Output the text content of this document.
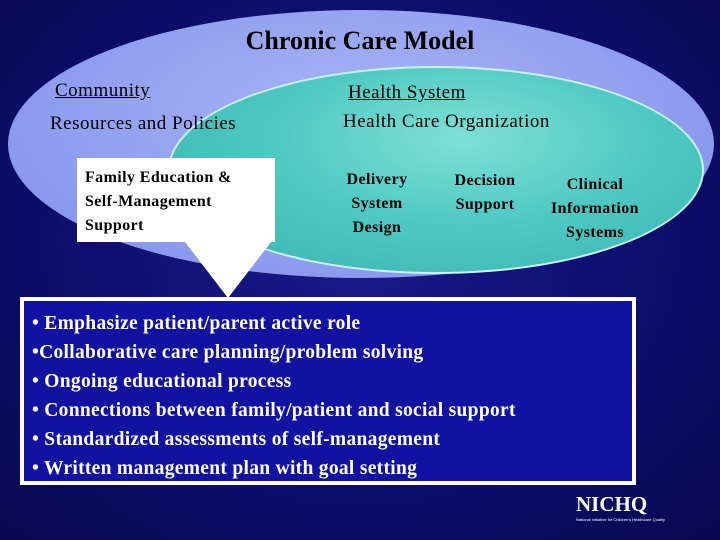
Chronic Care Model
Community
Resources and Policies
Health System
Health Care Organization
Family Education &
Self-Management
Support
Delivery
System
Design
Decision
Support
Clinical
Information
Systems
• Emphasize patient/parent active role
•Collaborative care planning/problem solving
• Ongoing educational process
• Connections between family/patient and social support
• Standardized assessments of self-management
• Written management plan with goal setting
NICHQ
National Initiative for Children's Healthcare Quality
